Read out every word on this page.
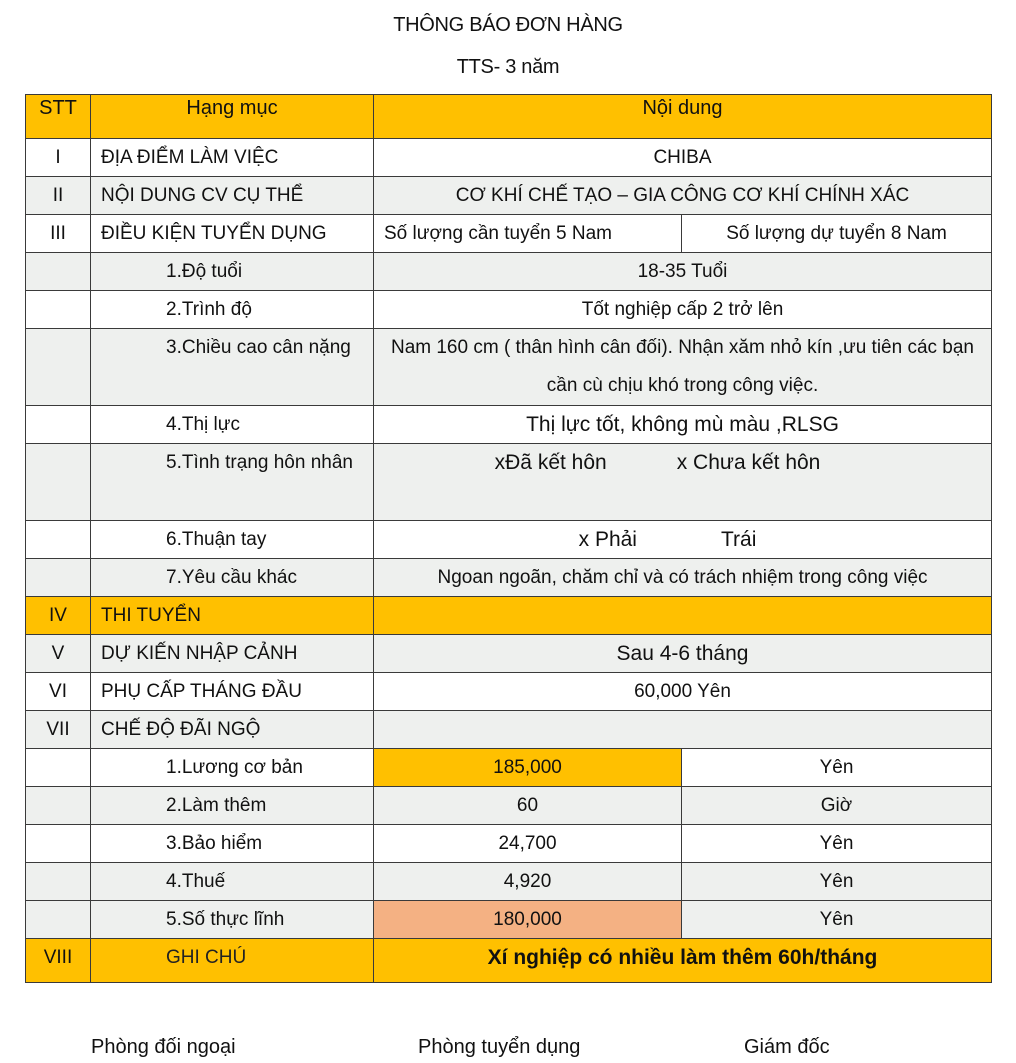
THÔNG BÁO ĐƠN HÀNG
TTS- 3 năm
STT	Hạng mục	Nội dung	
I	ĐỊA ĐIỂM LÀM VIỆC	CHIBA	
II	NỘI DUNG CV CỤ THỂ	CƠ KHÍ CHẾ TẠO – GIA CÔNG CƠ KHÍ CHÍNH XÁC	
III	ĐIỀU KIỆN TUYỂN DỤNG	Số lượng cần tuyển 5 Nam	Số lượng dự tuyển 8 Nam
	1.Độ tuổi	18-35 Tuổi	
	2.Trình độ	Tốt nghiệp cấp 2 trở lên	
	3.Chiều cao cân nặng	Nam 160 cm ( thân hình cân đối). Nhận xăm nhỏ kín ,ưu tiên các bạn cần cù chịu khó trong công việc.	
	4.Thị lực	Thị lực tốt, không mù màu ,RLSG	
	5.Tình trạng hôn nhân	xĐã kết hôn x Chưa kết hôn	
	6.Thuận tay	x Phải Trái	
	7.Yêu cầu khác	Ngoan ngoãn, chăm chỉ và có trách nhiệm trong công việc	
IV	THI TUYỂN		
V	DỰ KIẾN NHẬP CẢNH	Sau 4-6 tháng	
VI	PHỤ CẤP THÁNG ĐẦU	60,000 Yên	
VII	CHẾ ĐỘ ĐÃI NGỘ		
	1.Lương cơ bản	185,000	Yên
	2.Làm thêm	60	Giờ
	3.Bảo hiểm	24,700	Yên
	4.Thuế	4,920	Yên
	5.Số thực lĩnh	180,000	Yên
VIII	GHI CHÚ	Xí nghiệp có nhiều làm thêm 60h/tháng	
Phòng đối ngoại	Phòng tuyển dụng	Giám đốc
